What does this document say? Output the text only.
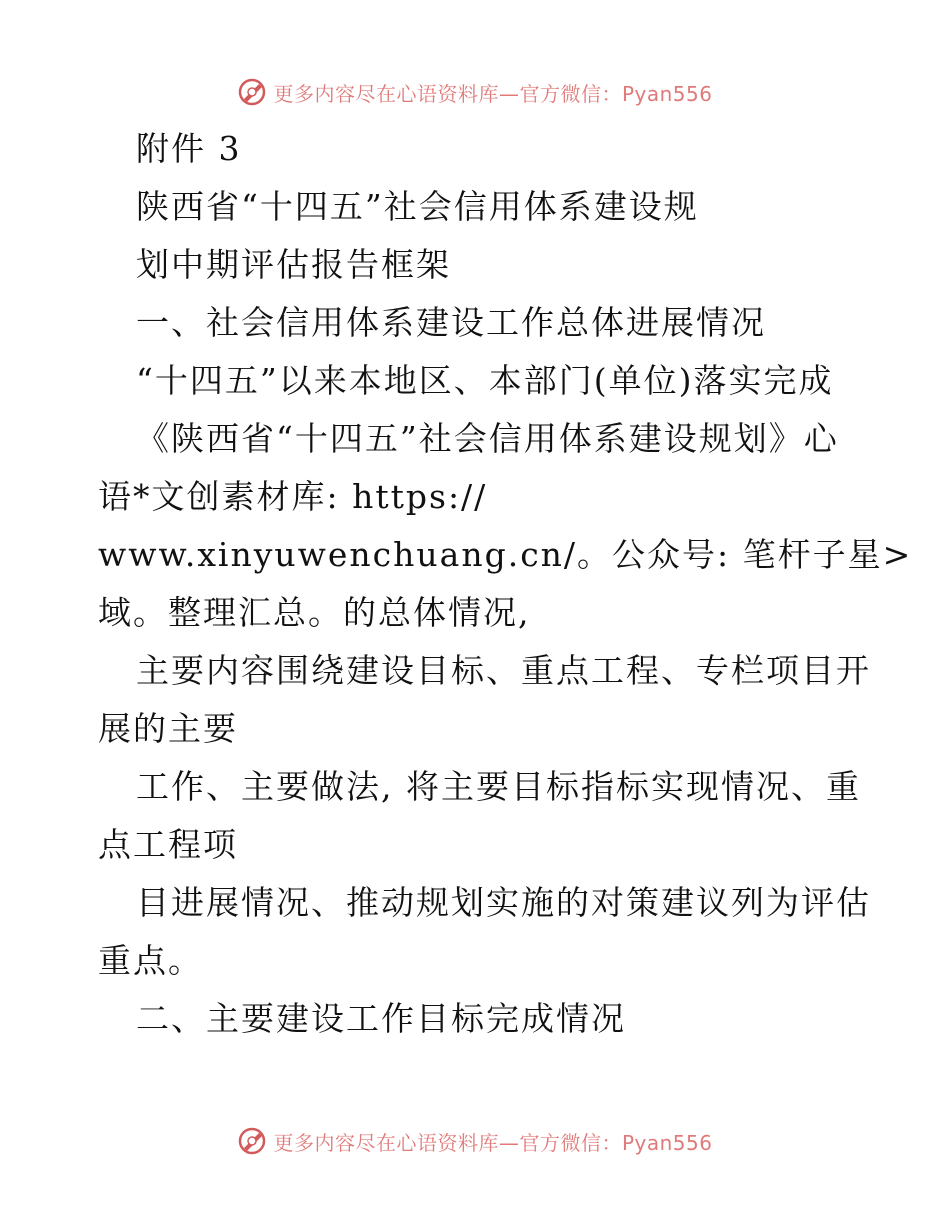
更多内容尽在心语资料库—官方微信：Pyan556
附件 3
陕西省“十四五”社会信用体系建设规
划中期评估报告框架
一、社会信用体系建设工作总体进展情况
“十四五”以来本地区、本部门(单位)落实完成
《陕西省“十四五”社会信用体系建设规划》心
语*文创素材库: https://
www.xinyuwenchuang.cn/。公众号: 笔杆子星>
域。整理汇总。的总体情况,
主要内容围绕建设目标、重点工程、专栏项目开
展的主要
工作、主要做法, 将主要目标指标实现情况、重
点工程项
目进展情况、推动规划实施的对策建议列为评估
重点。
二、主要建设工作目标完成情况
更多内容尽在心语资料库—官方微信：Pyan556
